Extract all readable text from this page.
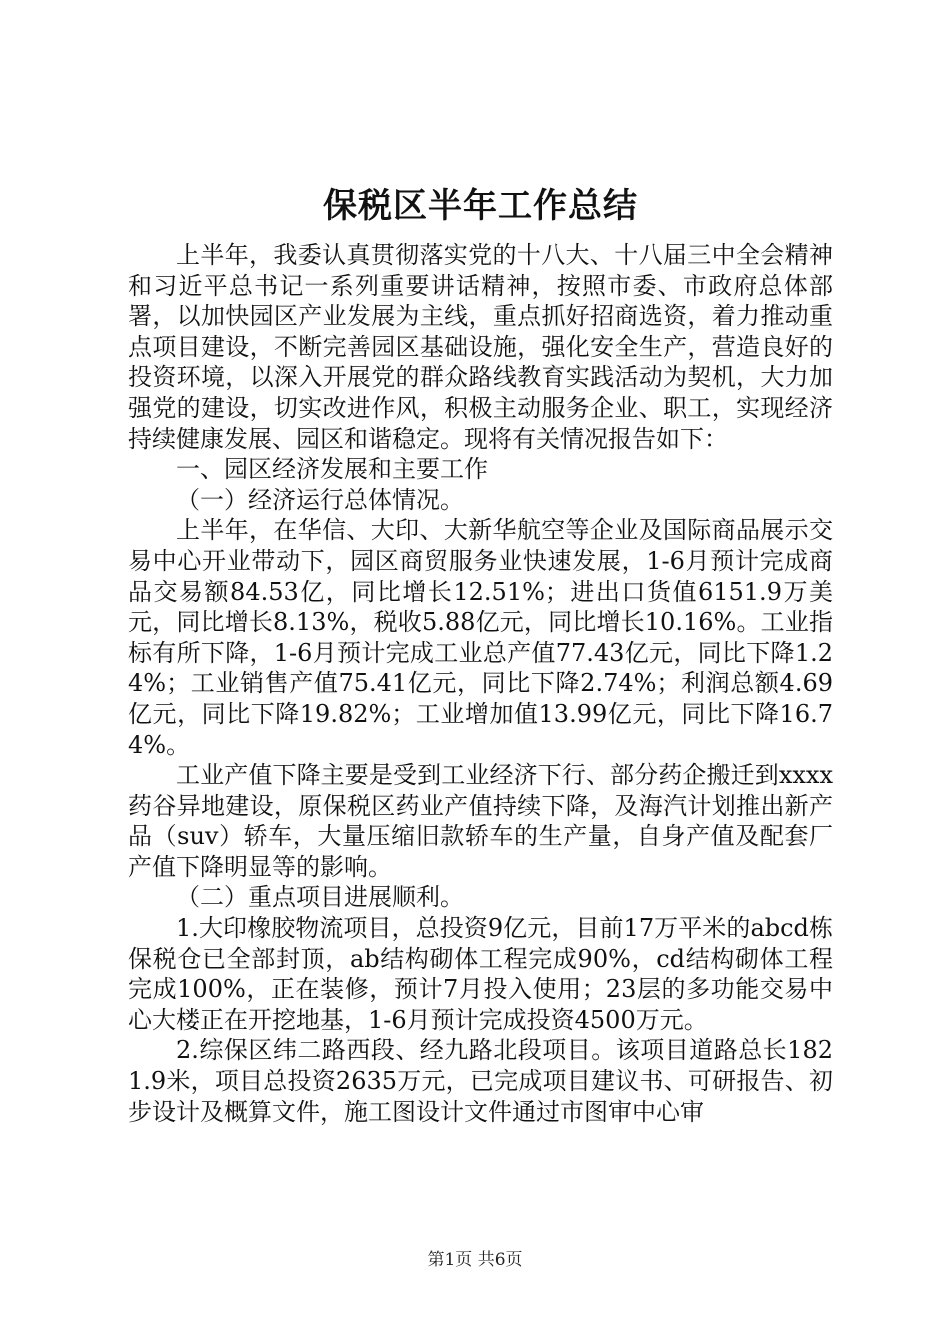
保税区半年工作总结

上半年，我委认真贯彻落实党的十八大、十八届三中全会精神和习近平总书记一系列重要讲话精神，按照市委、市政府总体部署，以加快园区产业发展为主线，重点抓好招商选资，着力推动重点项目建设，不断完善园区基础设施，强化安全生产，营造良好的投资环境，以深入开展党的群众路线教育实践活动为契机，大力加强党的建设，切实改进作风，积极主动服务企业、职工，实现经济持续健康发展、园区和谐稳定。现将有关情况报告如下：

一、园区经济发展和主要工作

（一）经济运行总体情况。

上半年，在华信、大印、大新华航空等企业及国际商品展示交易中心开业带动下，园区商贸服务业快速发展，1-6月预计完成商品交易额84.53亿，同比增长12.51%；进出口货值6151.9万美元，同比增长8.13%，税收5.88亿元，同比增长10.16%。工业指标有所下降，1-6月预计完成工业总产值77.43亿元，同比下降1.24%；工业销售产值75.41亿元，同比下降2.74%；利润总额4.69亿元，同比下降19.82%；工业增加值13.99亿元，同比下降16.74%。

工业产值下降主要是受到工业经济下行、部分药企搬迁到xxxx药谷异地建设，原保税区药业产值持续下降，及海汽计划推出新产品（suv）轿车，大量压缩旧款轿车的生产量，自身产值及配套厂产值下降明显等的影响。

（二）重点项目进展顺利。

1.大印橡胶物流项目，总投资9亿元，目前17万平米的abcd栋保税仓已全部封顶，ab结构砌体工程完成90%，cd结构砌体工程完成100%，正在装修，预计7月投入使用；23层的多功能交易中心大楼正在开挖地基，1-6月预计完成投资4500万元。

2.综保区纬二路西段、经九路北段项目。该项目道路总长1821.9米，项目总投资2635万元，已完成项目建议书、可研报告、初步设计及概算文件，施工图设计文件通过市图审中心审

第1页 共6页
